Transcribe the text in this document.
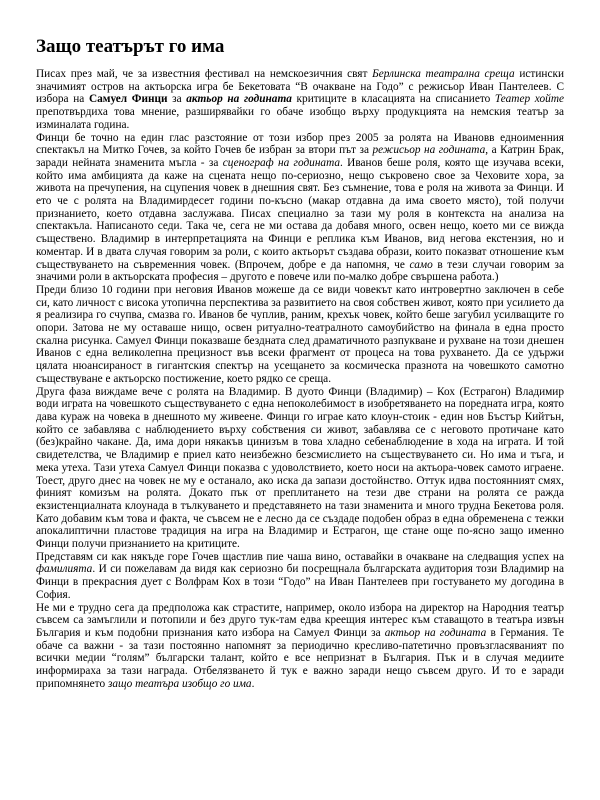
Защо театърът го има

Писах през май, че за известния фестивал на немскоезичния свят Берлинска театрална среща истински значимият остров на актьорска игра бе Бекетовата “В очакване на Годо” с режисьор Иван Пантелеев. С избора на Самуел Финци за актьор на годината критиците в класацията на списанието Театер хойте препотвърдиха това мнение, разширявайки го обаче изобщо върху продукцията на немския театър за изминалата година.

Финци бе точно на един глас разстояние от този избор през 2005 за ролята на Ивановв едноименния спектакъл на Митко Гочев, за който Гочев бе избран за втори път за режисьор на годината, а Катрин Брак, заради нейната знаменита мъгла - за сценограф на годината. Иванов беше роля, която ще изучава всеки, който има амбицията да каже на сцената нещо по-сериозно, нещо съкровено свое за Чеховите хора, за живота на пречупения, на сцупения човек в днешния свят. Без съмнение, това е роля на живота за Финци. И ето че с ролята на Владимирдесет години по-късно (макар отдавна да има своето място), той получи признанието, което отдавна заслужава. Писах специално за тази му роля в контекста на анализа на спектакъла. Написаното седи. Така че, сега не ми остава да добавя много, освен нещо, което ми се вижда съществено. Владимир в интерпретацията на Финци е реплика към Иванов, вид негова екстензия, но и коментар. И в двата случая говорим за роли, с които актьорът създава образи, които показват отношение към съществуването на съвременния човек. (Впрочем, добре е да напомня, че само в тези случаи говорим за значими роли в актьорската професия – другото е повече или по-малко добре свършена работа.)

Преди близо 10 години при неговия Иванов можеше да се види човекът като интровертно заключен в себе си, като личност с висока утопична перспектива за развитието на своя собствен живот, която при усилието да я реализира го счупва, смазва го. Иванов бе чуплив, раним, крехък човек, който беше загубил усилващите го опори. Затова не му оставаше нищо, освен ритуално-театралното самоубийство на финала в една просто скална рисунка. Самуел Финци показваше бездната след драматичното разпукване и рухване на този днешен Иванов с една великолепна прецизност във всеки фрагмент от процеса на това рухването. Да се удържи цялата нюансираност в гигантския спектър на усещането за космическа празнота на човешкото самотно съществуване е актьорско постижение, което рядко се среща.

Друга фаза виждаме вече с ролята на Владимир. В дуото Финци (Владимир) – Кох (Естрагон) Владимир води играта на човешкото съществуването с една непоколебимост в изобретяването на поредната игра, която дава кураж на човека в днешното му живеене. Финци го играе като клоун-стоик - един нов Бъстър Кийтън, който се забавлява с наблюдението върху собствения си живот, забавлява се с неговото протичане като (без)крайно чакане. Да, има дори някакъв цинизъм в това хладно себенаблюдение в хода на играта. И той свидетелства, че Владимир е приел като неизбежно безсмислието на съществуването си. Но има и тъга, и мека утеха. Тази утеха Самуел Финци показва с удоволствието, което носи на актьора-човек самото играене. Тоест, друго днес на човек не му е останало, ако иска да запази достойнство. Оттук идва постоянният смях, финият комизъм на ролята. Докато пък от преплитането на тези две страни на ролята се ражда екзистенциалната клоунада в тълкуването и представянето на тази знаменита и много трудна Бекетова роля. Като добавим към това и факта, че съвсем не е лесно да се създаде подобен образ в една обременена с тежки апокалиптични пластове традиция на игра на Владимир и Естрагон, ще стане още по-ясно защо именно Финци получи признанието на критиците.

Представям си как някъде горе Гочев щастлив пие чаша вино, оставайки в очакване на следващия успех на фамилията. И си пожелавам да видя как сериозно би посрещнала българската аудитория този Владимир на Финци в прекрасния дует с Волфрам Кох в този “Годо” на Иван Пантелеев при гостуването му догодина в София.

Не ми е трудно сега да предположа как страстите, например, около избора на директор на Народния театър съвсем са замъглили и потопили и без друго тук-там едва креещия интерес към ставащото в театъра извън България и към подобни признания като избора на Самуел Финци за актьор на годината в Германия. Те обаче са важни - за тази постоянно напомнят за периодично кресливо-патетично провъзгласяваният по всички медии “голям” български талант, който е все непризнат в България. Пък и в случая медиите информираха за тази награда. Отбелязването й тук е важно заради нещо съвсем друго. И то е заради припомнянето защо театъра изобщо го има.
